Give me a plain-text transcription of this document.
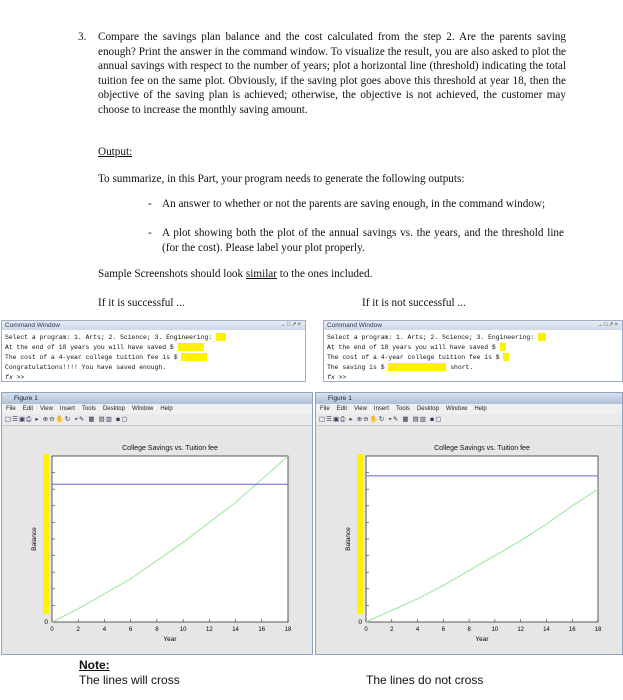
3. Compare the savings plan balance and the cost calculated from the step 2. Are the parents saving enough? Print the answer in the command window. To visualize the result, you are also asked to plot the annual savings with respect to the number of years; plot a horizontal line (threshold) indicating the total tuition fee on the same plot. Obviously, if the saving plot goes above this threshold at year 18, then the objective of the saving plan is achieved; otherwise, the objective is not achieved, the customer may choose to increase the monthly saving amount.
Output:
To summarize, in this Part, your program needs to generate the following outputs:
- An answer to whether or not the parents are saving enough, in the command window;
- A plot showing both the plot of the annual savings vs. the years, and the threshold line (for the cost). Please label your plot properly.
Sample Screenshots should look similar to the ones included.
If it is successful ...	If it is not successful ...
Command Window	→□↗×
Select a program: 1. Arts; 2. Science; 3. Engineering:
At the end of 18 years you will have saved $
The cost of a 4-year college tuition fee is $
Congratulations!!!! You have saved enough.
fx >>
Command Window	→□↗×
Select a program: 1. Arts; 2. Science; 3. Engineering:
At the end of 18 years you will have saved $
The cost of a 4-year college tuition fee is $
The saving is $	short.
fx >>
Figure 1
File Edit View Insert Tools Desktop Window Help
□☰▣⎙ ▸ ⊕⊖✋↻ ⌖✎ ▦ ▤▥ ▪▢
College Savings vs. Tuition fee
0
0	2	4	6	8	10	12	14	16	18
Year
Balance
Figure 1
File Edit View Insert Tools Desktop Window Help
□☰▣⎙ ▸ ⊕⊖✋↻ ⌖✎ ▦ ▤▥ ▪▢
College Savings vs. Tuition fee
0
0	2	4	6	8	10	12	14	16	18
Year
Balance
Note:
The lines will cross	The lines do not cross
